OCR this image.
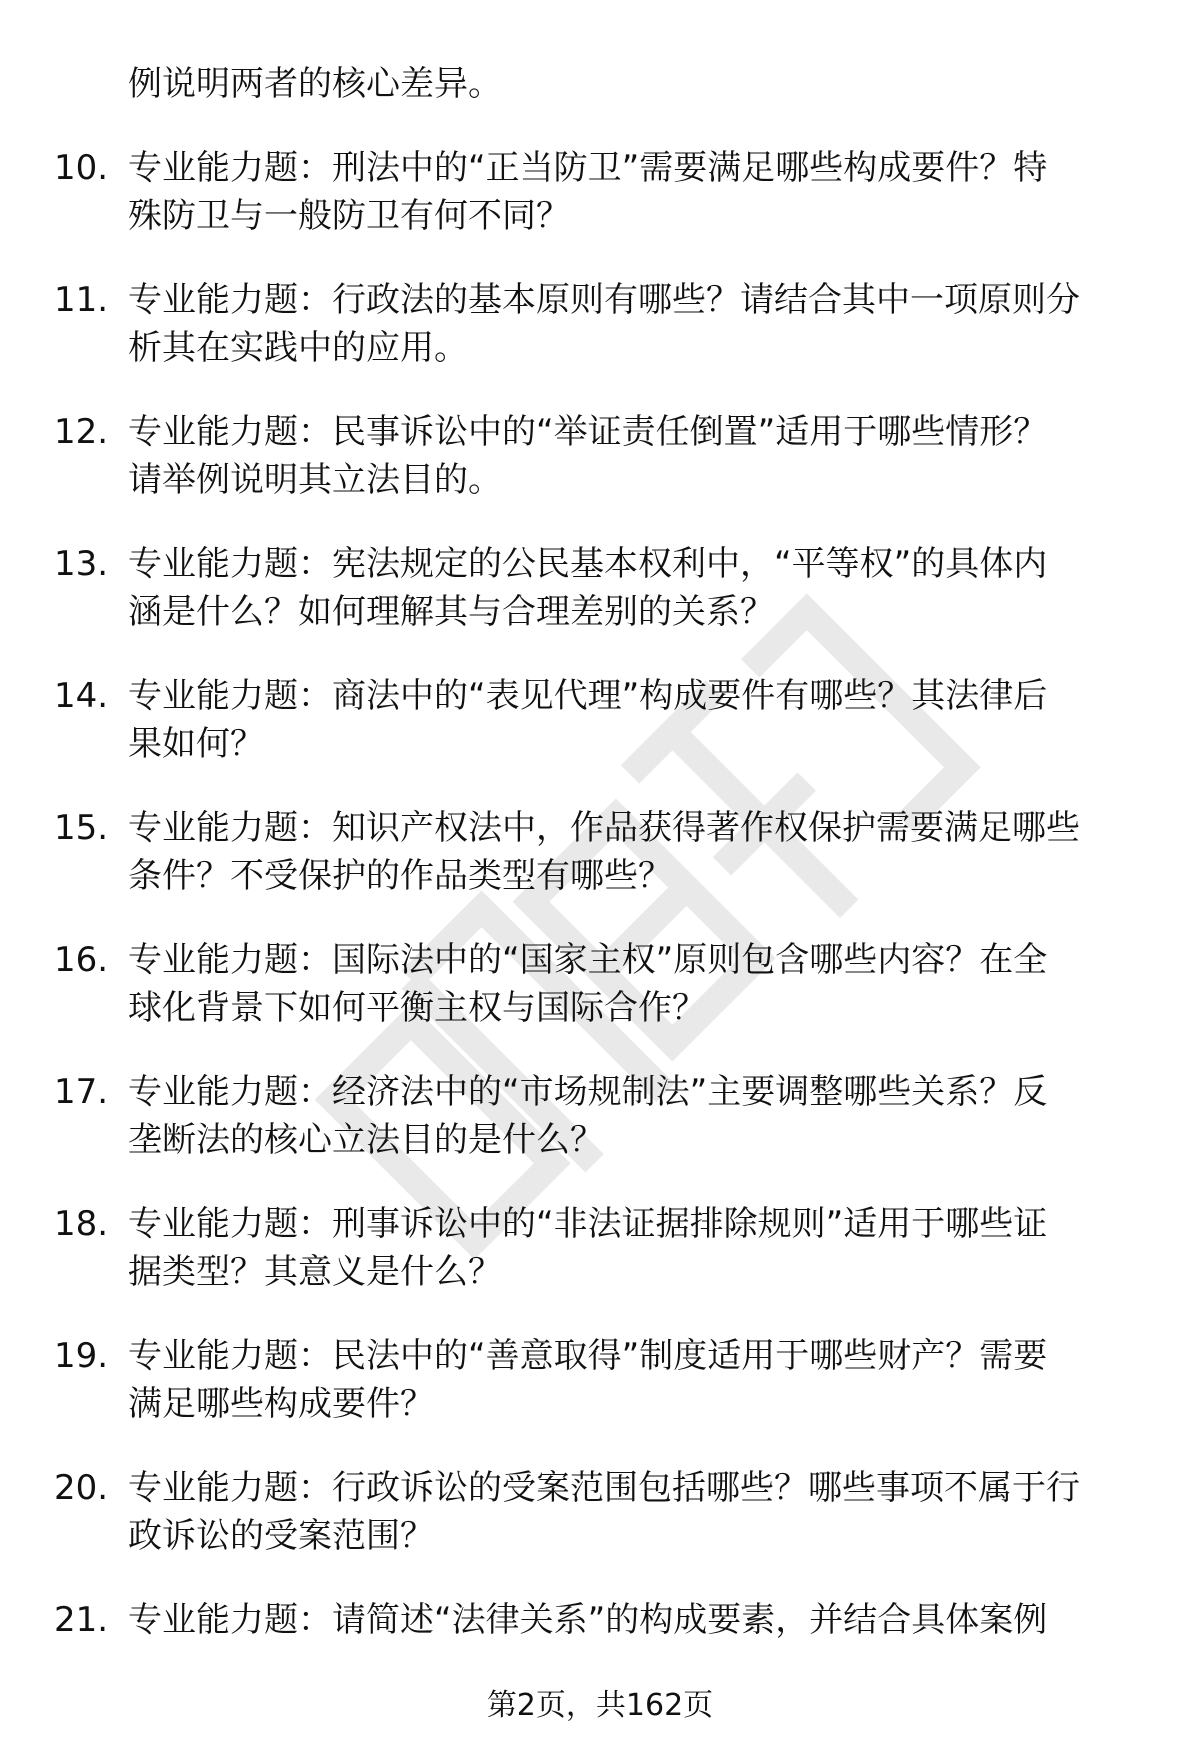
例说明两者的核心差异。

10. 专业能力题：刑法中的“正当防卫”需要满足哪些构成要件？特
殊防卫与一般防卫有何不同？

11. 专业能力题：行政法的基本原则有哪些？请结合其中一项原则分
析其在实践中的应用。

12. 专业能力题：民事诉讼中的“举证责任倒置”适用于哪些情形？
请举例说明其立法目的。

13. 专业能力题：宪法规定的公民基本权利中，“平等权”的具体内
涵是什么？如何理解其与合理差别的关系？

14. 专业能力题：商法中的“表见代理”构成要件有哪些？其法律后
果如何？

15. 专业能力题：知识产权法中，作品获得著作权保护需要满足哪些
条件？不受保护的作品类型有哪些？

16. 专业能力题：国际法中的“国家主权”原则包含哪些内容？在全
球化背景下如何平衡主权与国际合作？

17. 专业能力题：经济法中的“市场规制法”主要调整哪些关系？反
垄断法的核心立法目的是什么？

18. 专业能力题：刑事诉讼中的“非法证据排除规则”适用于哪些证
据类型？其意义是什么？

19. 专业能力题：民法中的“善意取得”制度适用于哪些财产？需要
满足哪些构成要件？

20. 专业能力题：行政诉讼的受案范围包括哪些？哪些事项不属于行
政诉讼的受案范围？

21. 专业能力题：请简述“法律关系”的构成要素，并结合具体案例

第2页，共162页
